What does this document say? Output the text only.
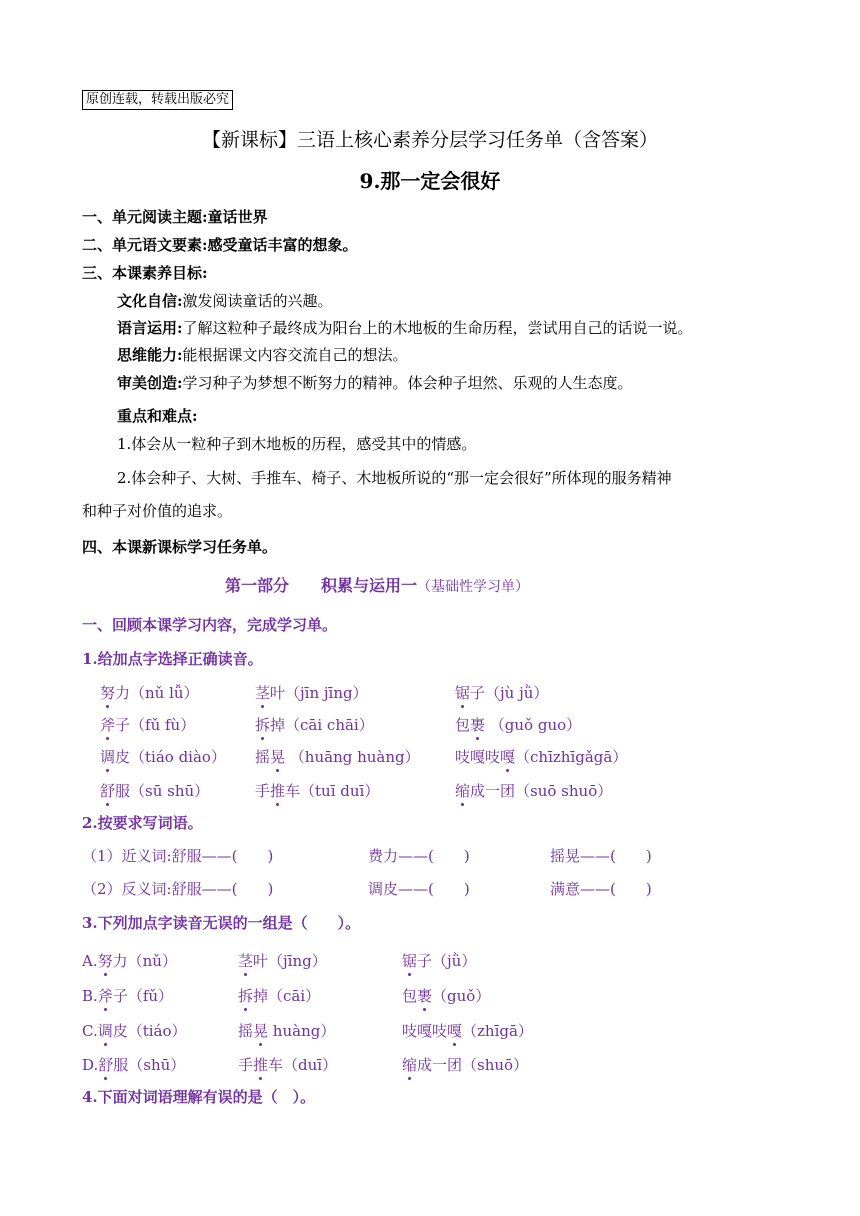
原创连载，转载出版必究
【新课标】三语上核心素养分层学习任务单（含答案）
9.那一定会很好
一、单元阅读主题:童话世界
二、单元语文要素:感受童话丰富的想象。
三、本课素养目标:
文化自信:激发阅读童话的兴趣。
语言运用:了解这粒种子最终成为阳台上的木地板的生命历程，尝试用自己的话说一说。
思维能力:能根据课文内容交流自己的想法。
审美创造:学习种子为梦想不断努力的精神。体会种子坦然、乐观的人生态度。
重点和难点:
1.体会从一粒种子到木地板的历程，感受其中的情感。
2.体会种子、大树、手推车、椅子、木地板所说的“那一定会很好”所体现的服务精神
和种子对价值的追求。
四、本课新课标学习任务单。
第一部分　　积累与运用一（基础性学习单）
一、回顾本课学习内容，完成学习单。
1.给加点字选择正确读音。
努力（nǔ lǚ）	茎叶（jīn jīng）	锯子（jù jǜ）
斧子（fǔ fù）	拆掉（cāi chāi）	包裹 （guǒ guo）
调皮（tiáo diào） 摇晃 （huāng huàng） 吱嘎吱嘎（chīzhīgǎgā）
舒服（sū shū）	手推车（tuī duī）	缩成一团（suō shuō）
2.按要求写词语。
（1）近义词:舒服——(　　)	费力——(　　)	摇晃——(　　)
（2）反义词:舒服——(　　)	调皮——(　　)	满意——(　　)
3.下列加点字读音无误的一组是（　　）。
A.努力（nǔ）	茎叶（jīng）	锯子（jǜ）
B.斧子（fǔ）	拆掉（cāi）	包裹（guǒ）
C.调皮（tiáo）	摇晃 huàng）	吱嘎吱嘎（zhīgā）
D.舒服（shū）	手推车（duī）	缩成一团（shuō）
4.下面对词语理解有误的是（　）。
